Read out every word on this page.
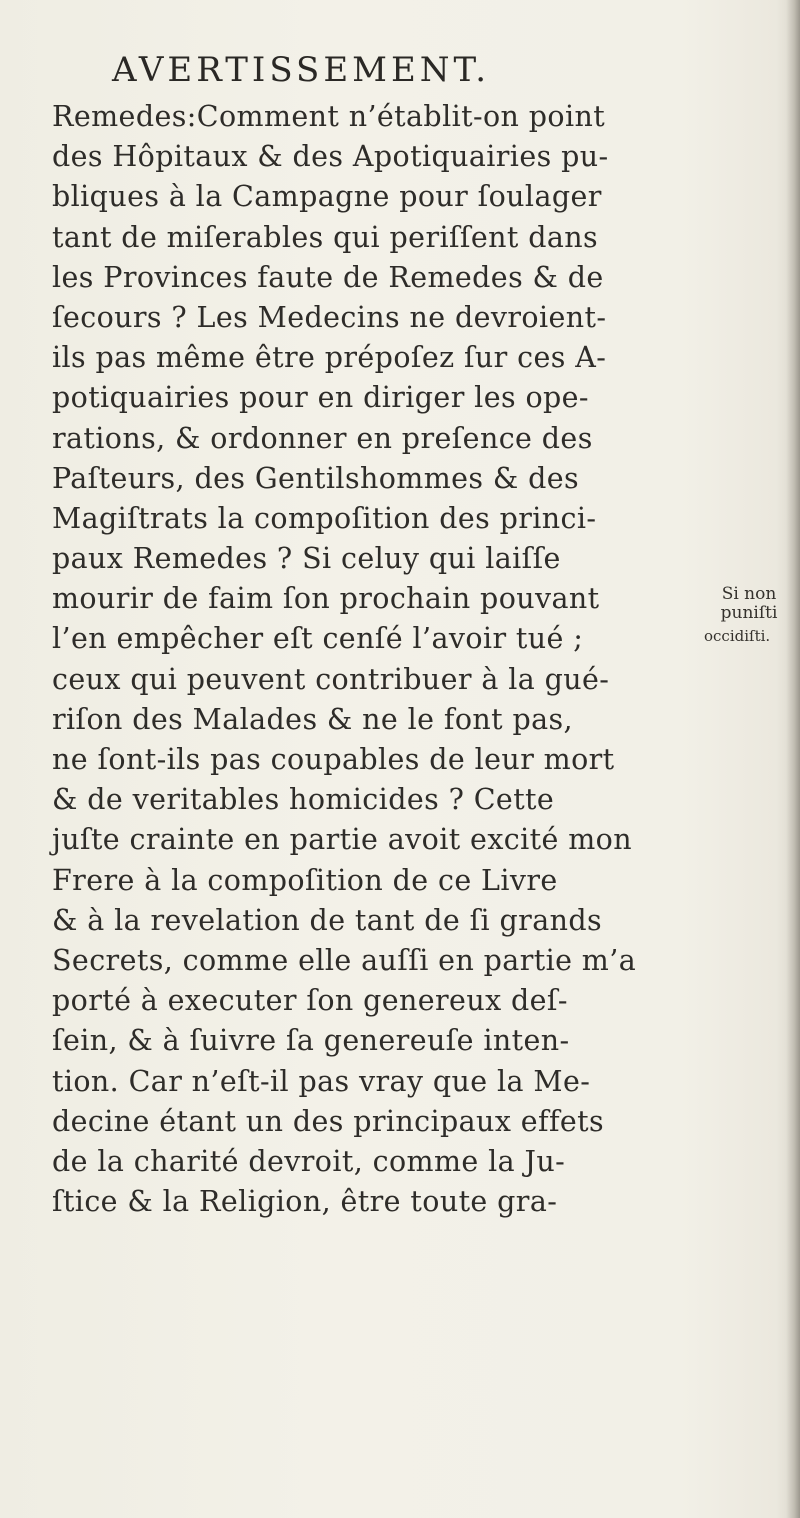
AVERTISSEMENT.
Remedes:Comment n’établit-on point
des Hôpitaux & des Apotiquairies pu-
bliques à la Campagne pour ſoulager
tant de miſerables qui periſſent dans
les Provinces faute de Remedes & de
ſecours ? Les Medecins ne devroient-
ils pas même être prépoſez ſur ces A-
potiquairies pour en diriger les ope-
rations, & ordonner en preſence des
Paſteurs, des Gentilshommes & des
Magiſtrats la compoſition des princi-
paux Remedes ? Si celuy qui laiſſe
mourir de faim ſon prochain pouvant
l’en empêcher eſt cenſé l’avoir tué ;
ceux qui peuvent contribuer à la gué-
riſon des Malades & ne le font pas,
ne ſont-ils pas coupables de leur mort
& de veritables homicides ? Cette
juſte crainte en partie avoit excité mon
Frere à la compoſition de ce Livre
& à la revelation de tant de ſi grands
Secrets, comme elle auſſi en partie m’a
porté à executer ſon genereux deſ-
ſein, & à ſuivre ſa genereuſe inten-
tion. Car n’eſt-il pas vray que la Me-
decine étant un des principaux effets
de la charité devroit, comme la Ju-
ſtice & la Religion, être toute gra-
Si non
puniſti
occidiſti.
